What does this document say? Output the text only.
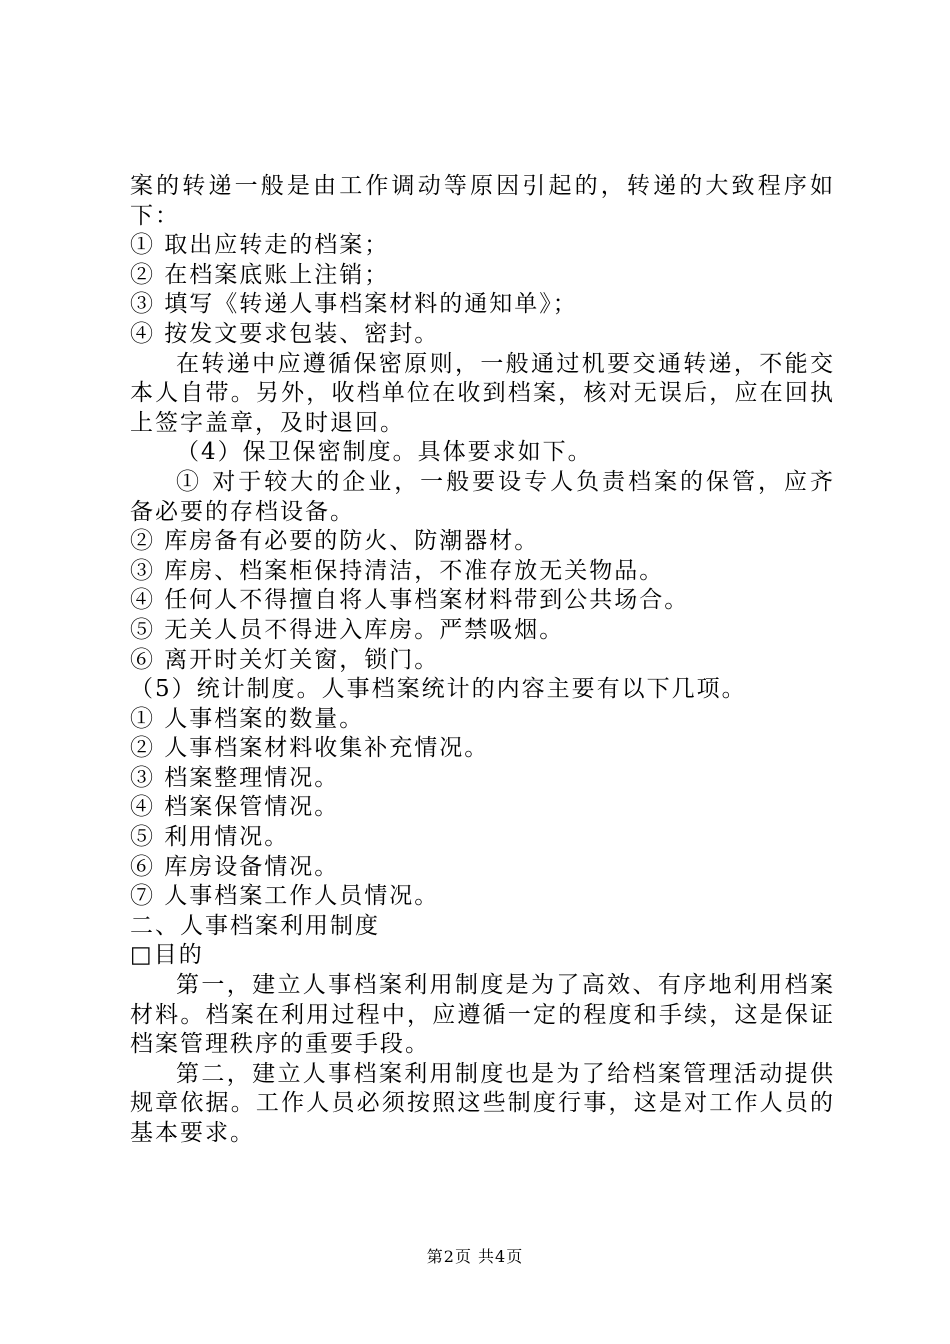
案的转递一般是由工作调动等原因引起的，转递的大致程序如下：

① 取出应转走的档案；

② 在档案底账上注销；

③ 填写《转递人事档案材料的通知单》；

④ 按发文要求包装、密封。

在转递中应遵循保密原则，一般通过机要交通转递，不能交本人自带。另外，收档单位在收到档案，核对无误后，应在回执上签字盖章，及时退回。

（4）保卫保密制度。具体要求如下。

① 对于较大的企业，一般要设专人负责档案的保管，应齐备必要的存档设备。

② 库房备有必要的防火、防潮器材。

③ 库房、档案柜保持清洁，不准存放无关物品。

④ 任何人不得擅自将人事档案材料带到公共场合。

⑤ 无关人员不得进入库房。严禁吸烟。

⑥ 离开时关灯关窗，锁门。

（5）统计制度。人事档案统计的内容主要有以下几项。

① 人事档案的数量。

② 人事档案材料收集补充情况。

③ 档案整理情况。

④ 档案保管情况。

⑤ 利用情况。

⑥ 库房设备情况。

⑦ 人事档案工作人员情况。

二、人事档案利用制度

□目的

第一，建立人事档案利用制度是为了高效、有序地利用档案材料。档案在利用过程中，应遵循一定的程度和手续，这是保证档案管理秩序的重要手段。

第二，建立人事档案利用制度也是为了给档案管理活动提供规章依据。工作人员必须按照这些制度行事，这是对工作人员的基本要求。

第2页 共4页
